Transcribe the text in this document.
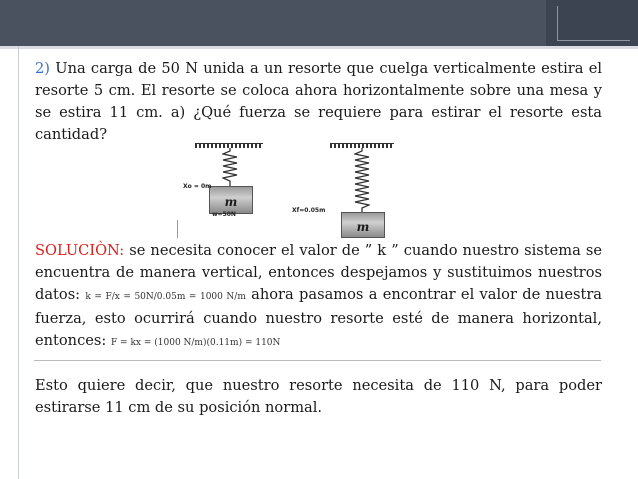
2) Una carga de 50 N unida a un resorte que cuelga verticalmente estira el resorte 5 cm. El resorte se coloca ahora horizontalmente sobre una mesa y se estira 11 cm. a) ¿Qué fuerza se requiere para estirar el resorte esta cantidad?
m
Xo = 0m
w=50N
m
Xf=0.05m
SOLUCIÒN: se necesita conocer el valor de ” k ” cuando nuestro sistema se encuentra de manera vertical, entonces despejamos y sustituimos nuestros datos: k = F/x = 50N/0.05m = 1000 N/m ahora pasamos a encontrar el valor de nuestra fuerza, esto ocurrirá cuando nuestro resorte esté de manera horizontal, entonces: F = kx = (1000 N/m)(0.11m) = 110N
Esto quiere decir, que nuestro resorte necesita de 110 N, para poder estirarse 11 cm de su posición normal.
